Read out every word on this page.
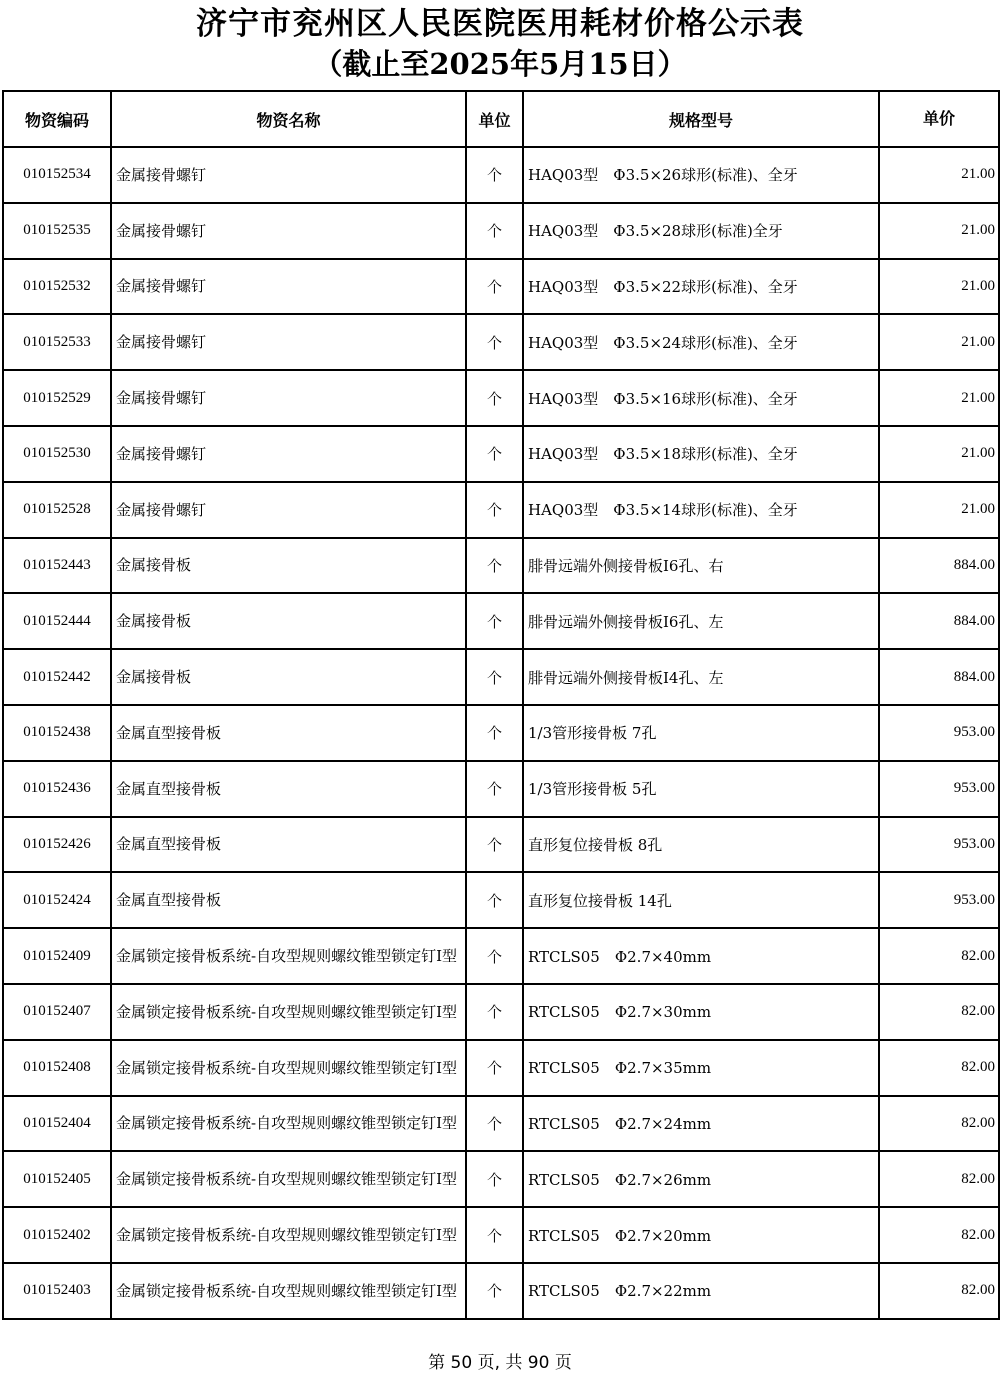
济宁市兖州区人民医院医用耗材价格公示表
（截止至2025年5月15日）
物资编码	物资名称	单位	规格型号	单价
010152534	金属接骨螺钉	个	HAQ03型　Φ3.5×26球形(标准)、全牙	21.00
010152535	金属接骨螺钉	个	HAQ03型　Φ3.5×28球形(标准)全牙	21.00
010152532	金属接骨螺钉	个	HAQ03型　Φ3.5×22球形(标准)、全牙	21.00
010152533	金属接骨螺钉	个	HAQ03型　Φ3.5×24球形(标准)、全牙	21.00
010152529	金属接骨螺钉	个	HAQ03型　Φ3.5×16球形(标准)、全牙	21.00
010152530	金属接骨螺钉	个	HAQ03型　Φ3.5×18球形(标准)、全牙	21.00
010152528	金属接骨螺钉	个	HAQ03型　Φ3.5×14球形(标准)、全牙	21.00
010152443	金属接骨板	个	腓骨远端外侧接骨板Ⅰ6孔、右	884.00
010152444	金属接骨板	个	腓骨远端外侧接骨板Ⅰ6孔、左	884.00
010152442	金属接骨板	个	腓骨远端外侧接骨板Ⅰ4孔、左	884.00
010152438	金属直型接骨板	个	1/3管形接骨板 7孔	953.00
010152436	金属直型接骨板	个	1/3管形接骨板 5孔	953.00
010152426	金属直型接骨板	个	直形复位接骨板 8孔	953.00
010152424	金属直型接骨板	个	直形复位接骨板 14孔	953.00
010152409	金属锁定接骨板系统-自攻型规则螺纹锥型锁定钉I型	个	RTCLS05　Φ2.7×40mm	82.00
010152407	金属锁定接骨板系统-自攻型规则螺纹锥型锁定钉I型	个	RTCLS05　Φ2.7×30mm	82.00
010152408	金属锁定接骨板系统-自攻型规则螺纹锥型锁定钉I型	个	RTCLS05　Φ2.7×35mm	82.00
010152404	金属锁定接骨板系统-自攻型规则螺纹锥型锁定钉I型	个	RTCLS05　Φ2.7×24mm	82.00
010152405	金属锁定接骨板系统-自攻型规则螺纹锥型锁定钉I型	个	RTCLS05　Φ2.7×26mm	82.00
010152402	金属锁定接骨板系统-自攻型规则螺纹锥型锁定钉I型	个	RTCLS05　Φ2.7×20mm	82.00
010152403	金属锁定接骨板系统-自攻型规则螺纹锥型锁定钉I型	个	RTCLS05　Φ2.7×22mm	82.00
第 50 页, 共 90 页
